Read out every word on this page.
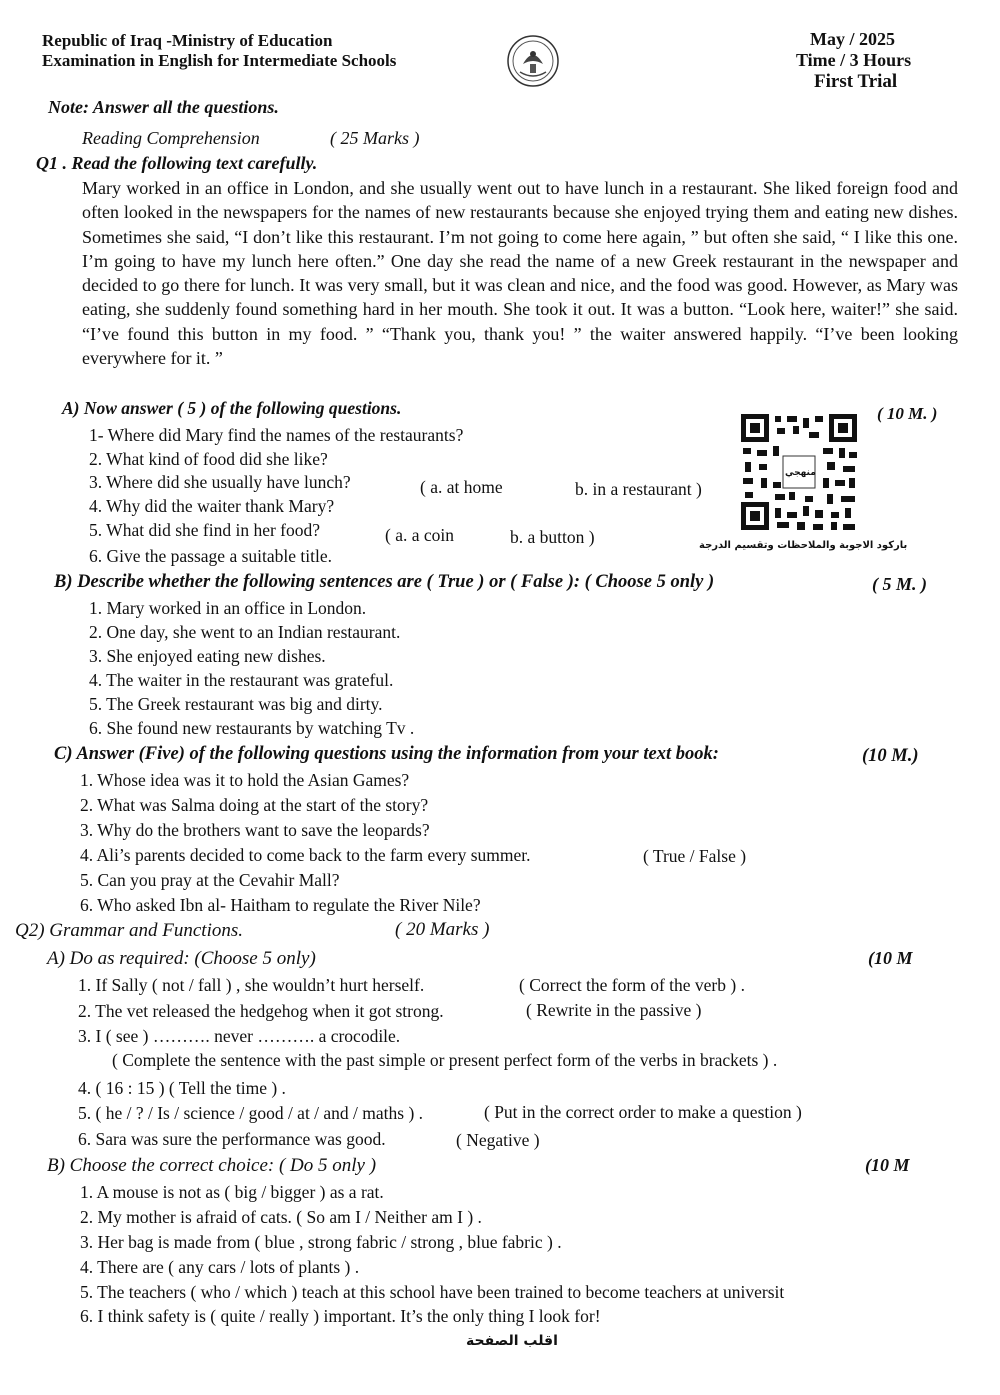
Republic of Iraq -Ministry of Education
Examination in English for Intermediate Schools
May / 2025
Time / 3 Hours
First Trial
Note: Answer all the questions.
Reading Comprehension	( 25 Marks )
Q1 . Read the following text carefully.
Mary worked in an office in London, and she usually went out to have lunch in a restaurant. She liked foreign food and often looked in the newspapers for the names of new restaurants because she enjoyed trying them and eating new dishes. Sometimes she said, “I don’t like this restaurant. I’m not going to come here again, ” but often she said, “ I like this one. I’m going to have my lunch here often.” One day she read the name of a new Greek restaurant in the newspaper and decided to go there for lunch. It was very small, but it was clean and nice, and the food was good. However, as Mary was eating, she suddenly found something hard in her mouth. She took it out. It was a button. “Look here, waiter!” she said. “I’ve found this button in my food. ” “Thank you, thank you! ” the waiter answered happily. “I’ve been looking everywhere for it. ”
A) Now answer ( 5 ) of the following questions.	( 10 M. )
1- Where did Mary find the names of the restaurants?
2. What kind of food did she like?
3. Where did she usually have lunch?	( a. at home	b. in a restaurant )
4. Why did the waiter thank Mary?
5. What did she find in her food?	( a. a coin	b. a button )
6. Give the passage a suitable title.
منهجي
باركود الاجوبة والملاحظات وتقسيم الدرجة
B) Describe whether the following sentences are ( True ) or ( False ): ( Choose 5 only )	( 5 M. )
1. Mary worked in an office in London.
2. One day, she went to an Indian restaurant.
3. She enjoyed eating new dishes.
4. The waiter in the restaurant was grateful.
5. The Greek restaurant was big and dirty.
6. She found new restaurants by watching Tv .
C) Answer (Five) of the following questions using the information from your text book:	(10 M.)
1. Whose idea was it to hold the Asian Games?
2. What was Salma doing at the start of the story?
3. Why do the brothers want to save the leopards?
4. Ali’s parents decided to come back to the farm every summer.	( True / False )
5. Can you pray at the Cevahir Mall?
6. Who asked Ibn al- Haitham to regulate the River Nile?
Q2) Grammar and Functions.	( 20 Marks )
A) Do as required: (Choose 5 only)	(10 M
1. If Sally ( not / fall ) , she wouldn’t hurt herself.	( Correct the form of the verb ) .
2. The vet released the hedgehog when it got strong.	( Rewrite in the passive )
3. I ( see ) ………. never ………. a crocodile.
( Complete the sentence with the past simple or present perfect form of the verbs in brackets ) .
4. ( 16 : 15 ) ( Tell the time ) .
5. ( he / ? / Is / science / good / at / and / maths ) .	( Put in the correct order to make a question )
6. Sara was sure the performance was good.	( Negative )
B) Choose the correct choice: ( Do 5 only )	(10 M
1. A mouse is not as ( big / bigger ) as a rat.
2. My mother is afraid of cats. ( So am I / Neither am I ) .
3. Her bag is made from ( blue , strong fabric / strong , blue fabric ) .
4. There are ( any cars / lots of plants ) .
5. The teachers ( who / which ) teach at this school have been trained to become teachers at universit
6. I think safety is ( quite / really ) important. It’s the only thing I look for!
اقلب الصفحة
